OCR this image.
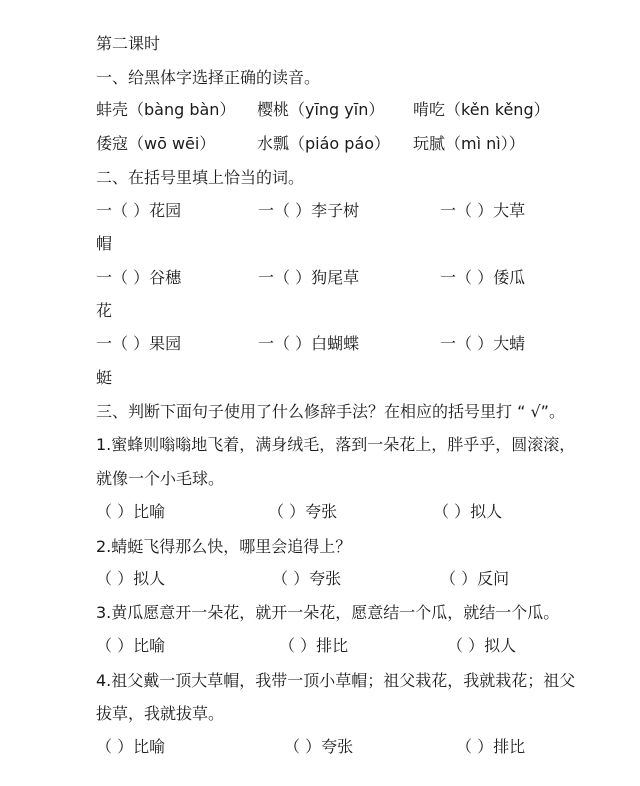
第二课时
一、给黑体字选择正确的读音。
蚌壳（bàng bàn） 樱桃（yīng yīn） 啃吃（kěn kěng）
倭寇（wō wēi）	水瓢（piáo páo） 玩腻（mì nì））
二、在括号里填上恰当的词。
一（ ）花园	一（ ）李子树	一（ ）大草
帽
一（ ）谷穗	一（ ）狗尾草	一（ ）倭瓜
花
一（ ）果园	一（ ）白蝴蝶	一（ ）大蜻
蜓
三、判断下面句子使用了什么修辞手法？在相应的括号里打 “ √”。
1.蜜蜂则嗡嗡地飞着，满身绒毛，落到一朵花上，胖乎乎，圆滚滚，
就像一个小毛球。
（ ）比喻	（ ）夸张	（ ）拟人
2.蜻蜓飞得那么快，哪里会追得上？
（ ）拟人	（ ）夸张	（ ）反问
3.黄瓜愿意开一朵花，就开一朵花，愿意结一个瓜，就结一个瓜。
（ ）比喻	（ ）排比	（ ）拟人
4.祖父戴一顶大草帽，我带一顶小草帽；祖父栽花，我就栽花；祖父
拔草，我就拔草。
（ ）比喻	（ ）夸张	（ ）排比
